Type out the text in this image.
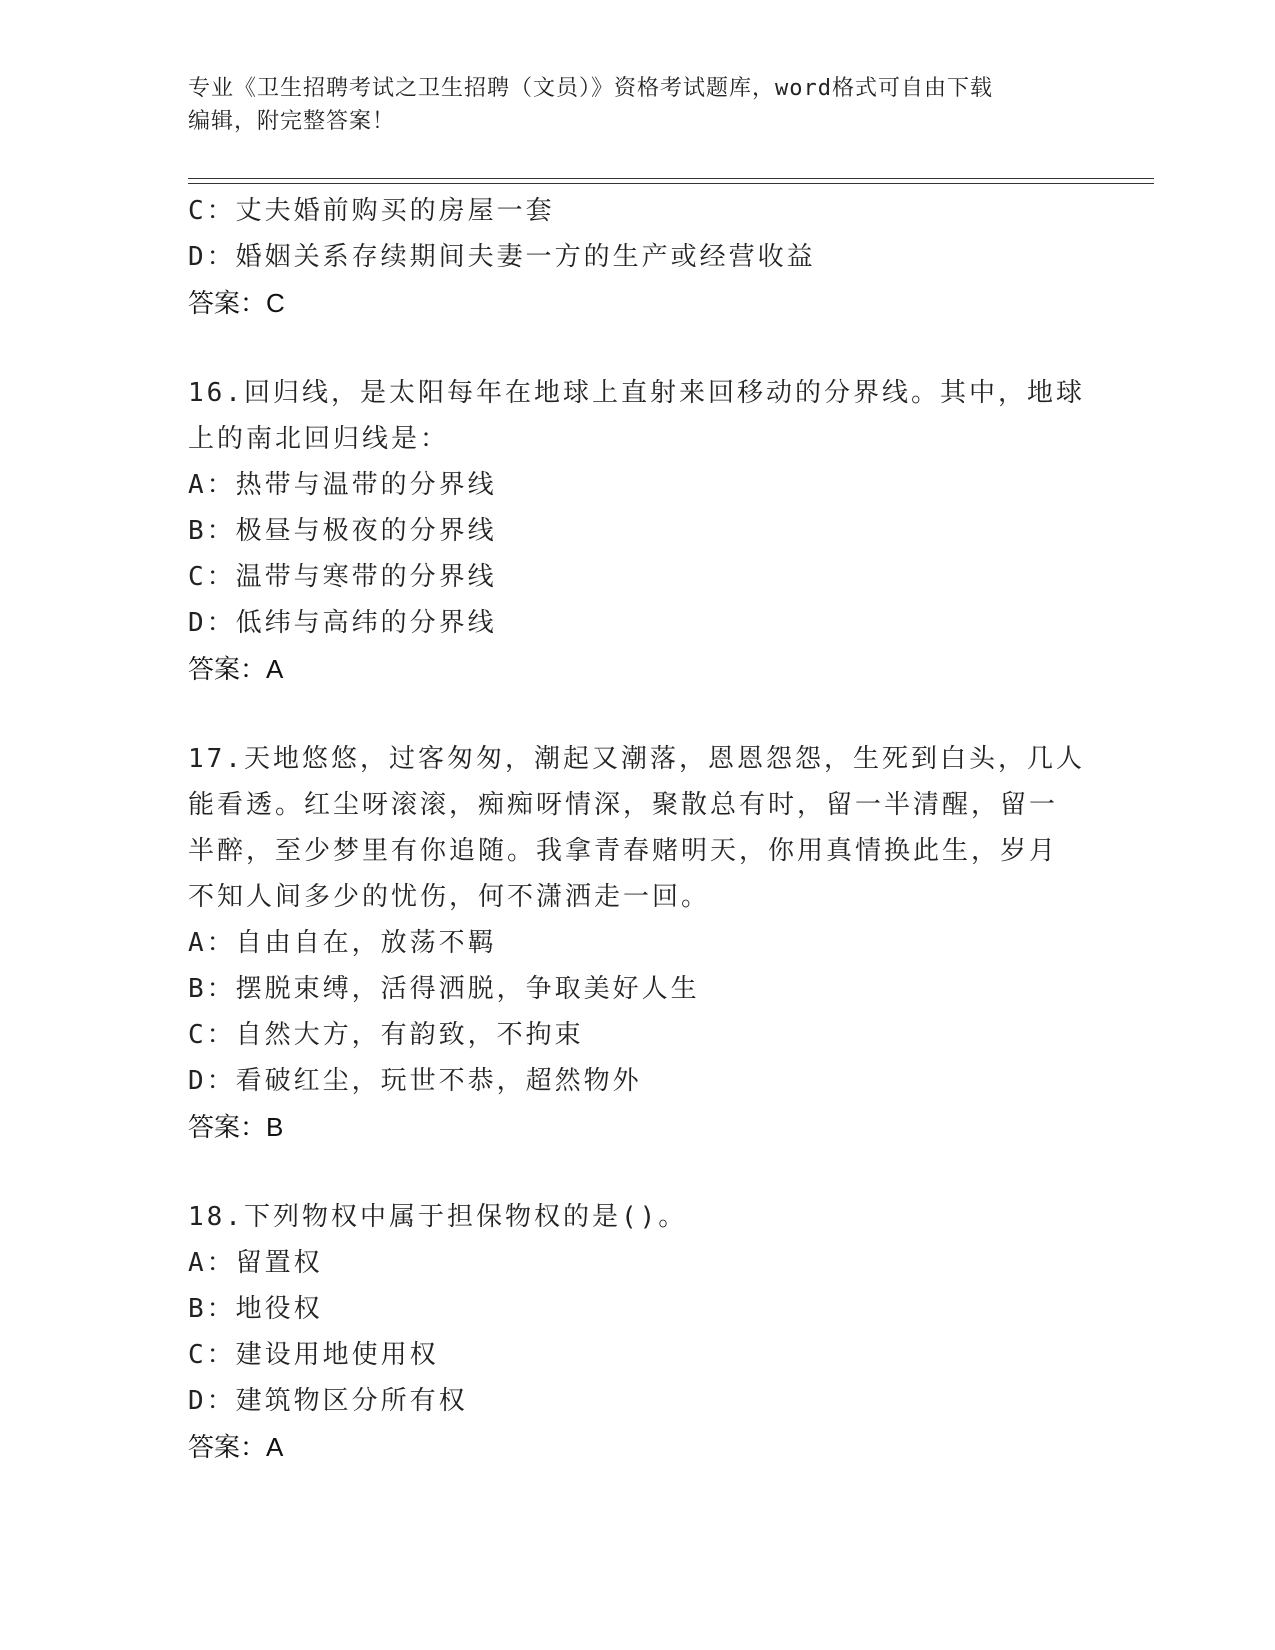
专业《卫生招聘考试之卫生招聘（文员）》资格考试题库，word格式可自由下载
编辑，附完整答案！
C：丈夫婚前购买的房屋一套
D：婚姻关系存续期间夫妻一方的生产或经营收益
答案：C
16.回归线，是太阳每年在地球上直射来回移动的分界线。其中，地球
上的南北回归线是：
A：热带与温带的分界线
B：极昼与极夜的分界线
C：温带与寒带的分界线
D：低纬与高纬的分界线
答案：A
17.天地悠悠，过客匆匆，潮起又潮落，恩恩怨怨，生死到白头，几人
能看透。红尘呀滚滚，痴痴呀情深，聚散总有时，留一半清醒，留一
半醉，至少梦里有你追随。我拿青春赌明天，你用真情换此生，岁月
不知人间多少的忧伤，何不潇洒走一回。
A：自由自在，放荡不羁
B：摆脱束缚，活得洒脱，争取美好人生
C：自然大方，有韵致，不拘束
D：看破红尘，玩世不恭，超然物外
答案：B
18.下列物权中属于担保物权的是()。
A：留置权
B：地役权
C：建设用地使用权
D：建筑物区分所有权
答案：A
